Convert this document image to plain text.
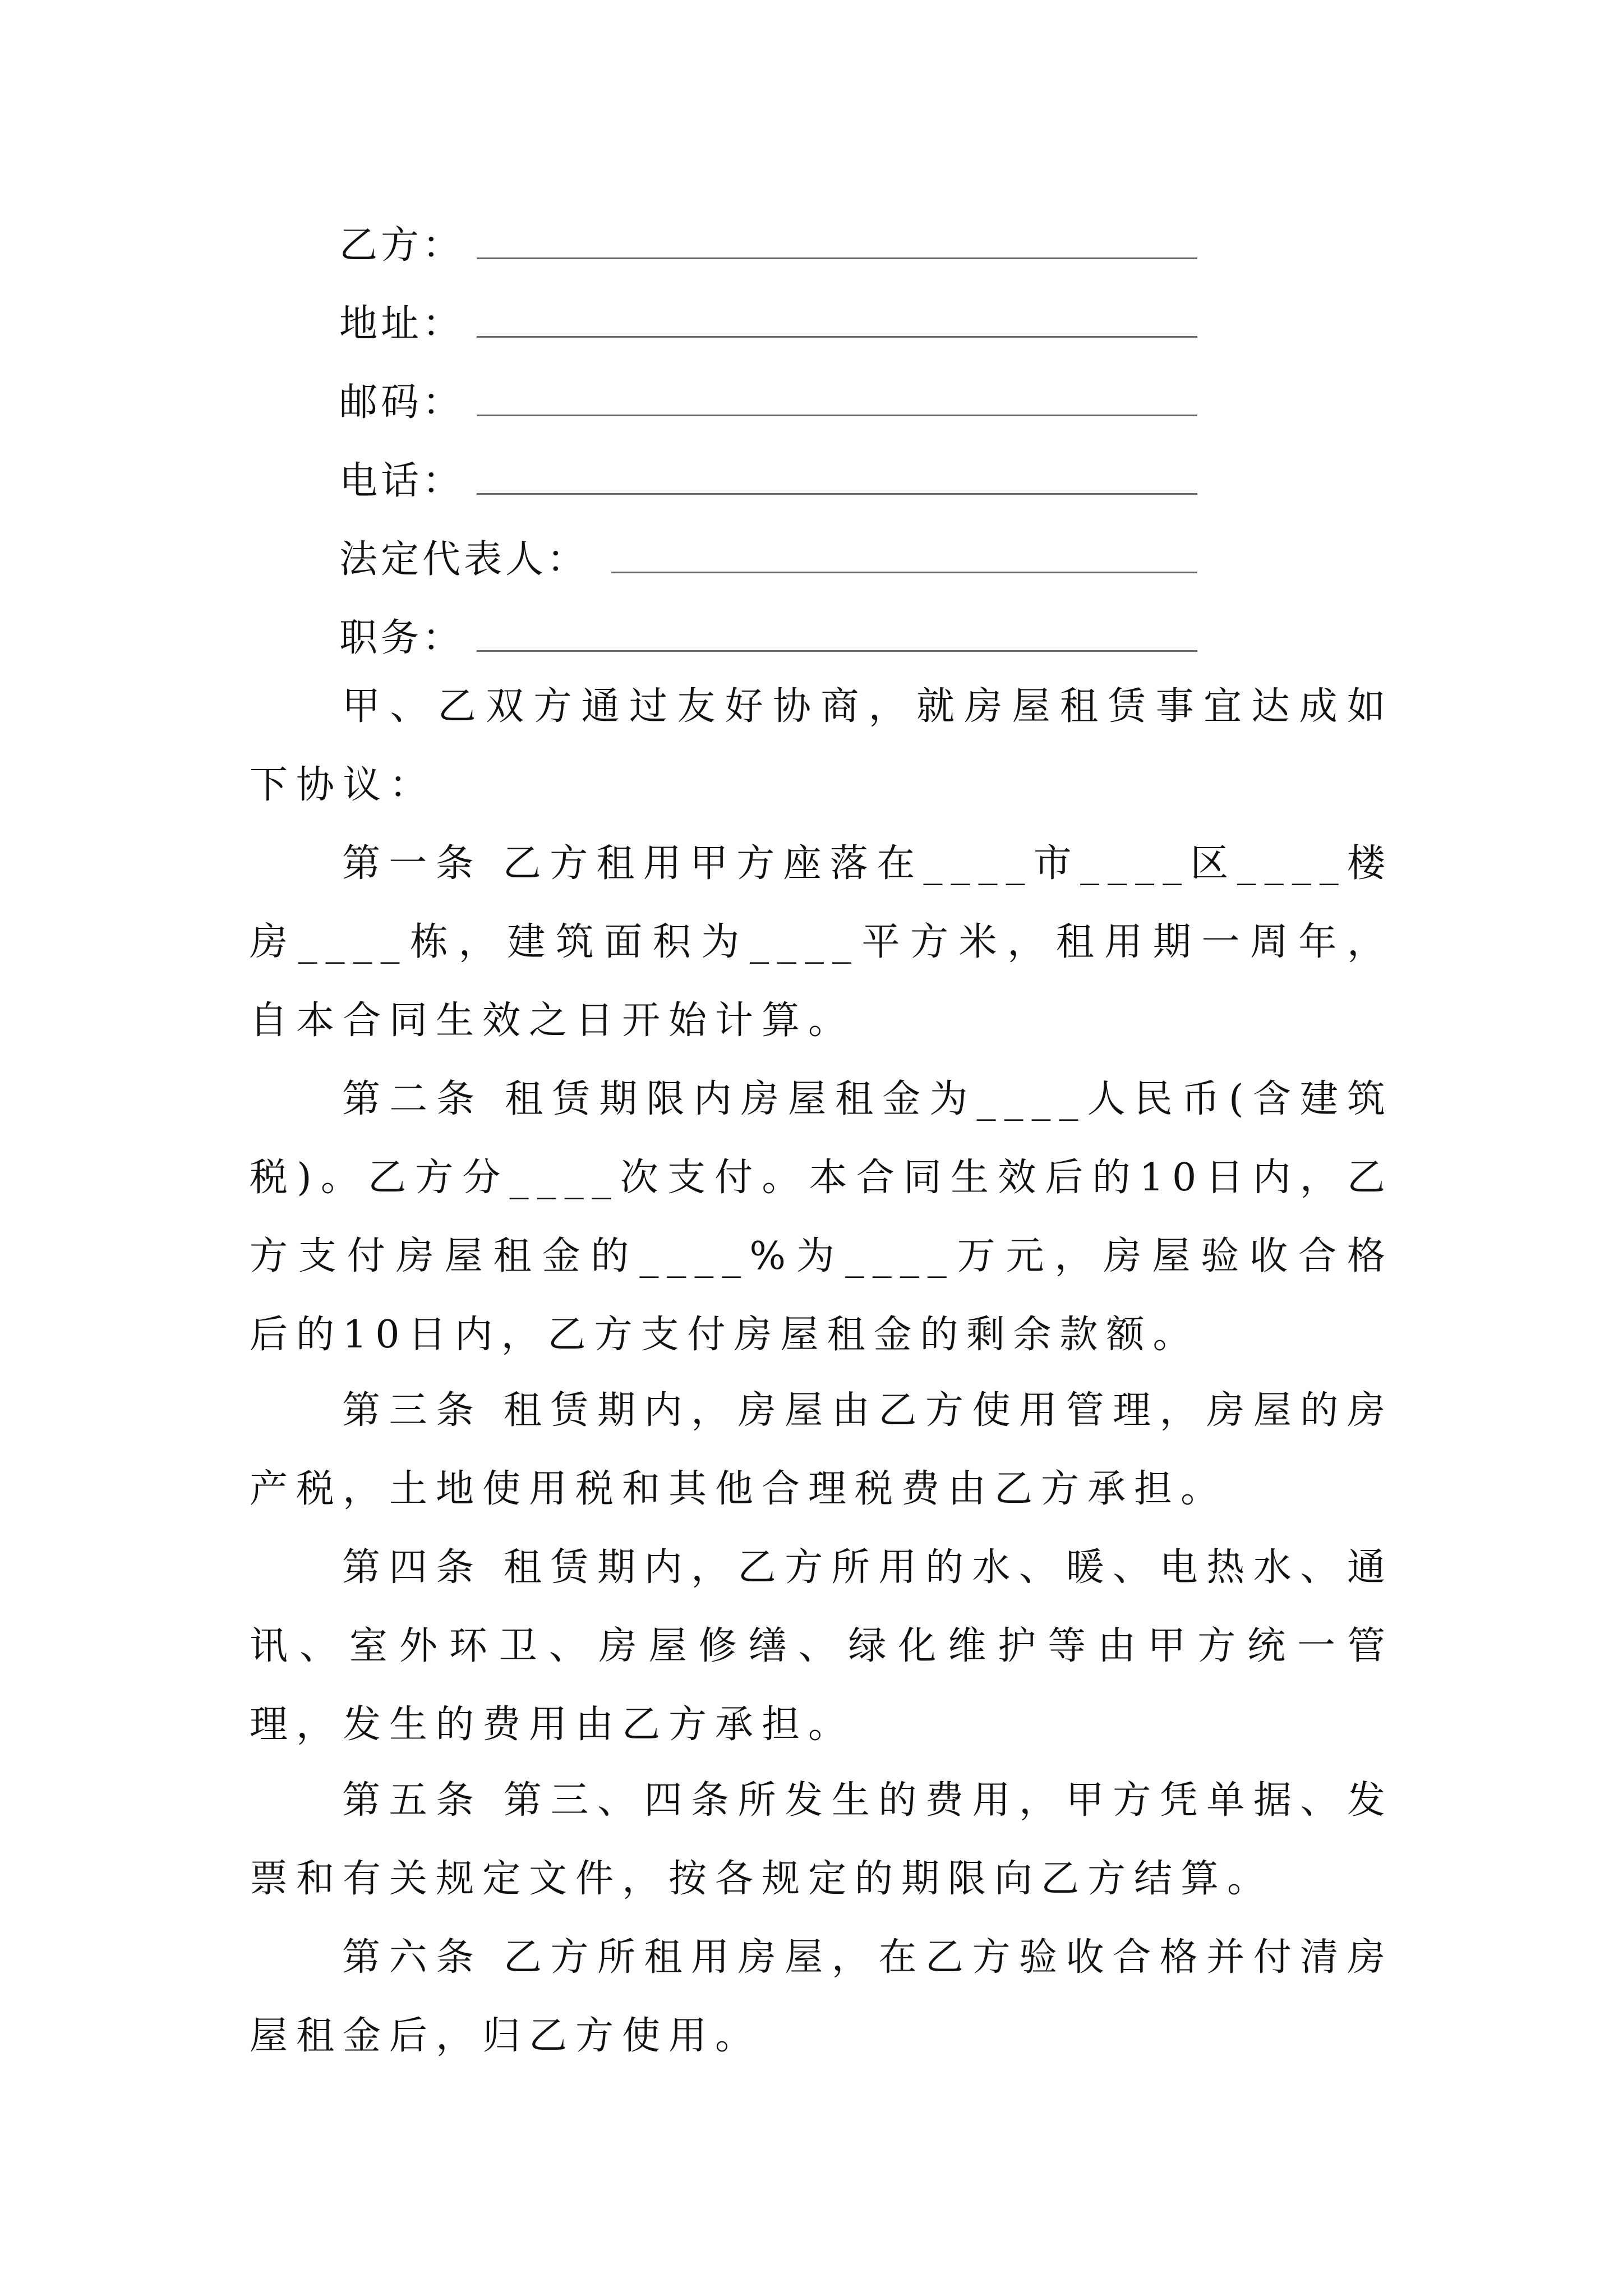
乙方：
地址：
邮码：
电话：
法定代表人：
职务：

甲、乙双方通过友好协商，就房屋租赁事宜达成如下协议：

第一条 乙方租用甲方座落在____市____区____楼房____栋，建筑面积为____平方米，租用期一周年，自本合同生效之日开始计算。

第二条 租赁期限内房屋租金为____人民币(含建筑税)。乙方分____次支付。本合同生效后的10日内，乙方支付房屋租金的____%为____万元，房屋验收合格后的10日内，乙方支付房屋租金的剩余款额。

第三条 租赁期内，房屋由乙方使用管理，房屋的房产税，土地使用税和其他合理税费由乙方承担。

第四条 租赁期内，乙方所用的水、暖、电热水、通讯、室外环卫、房屋修缮、绿化维护等由甲方统一管理，发生的费用由乙方承担。

第五条 第三、四条所发生的费用，甲方凭单据、发票和有关规定文件，按各规定的期限向乙方结算。

第六条 乙方所租用房屋，在乙方验收合格并付清房屋租金后，归乙方使用。
